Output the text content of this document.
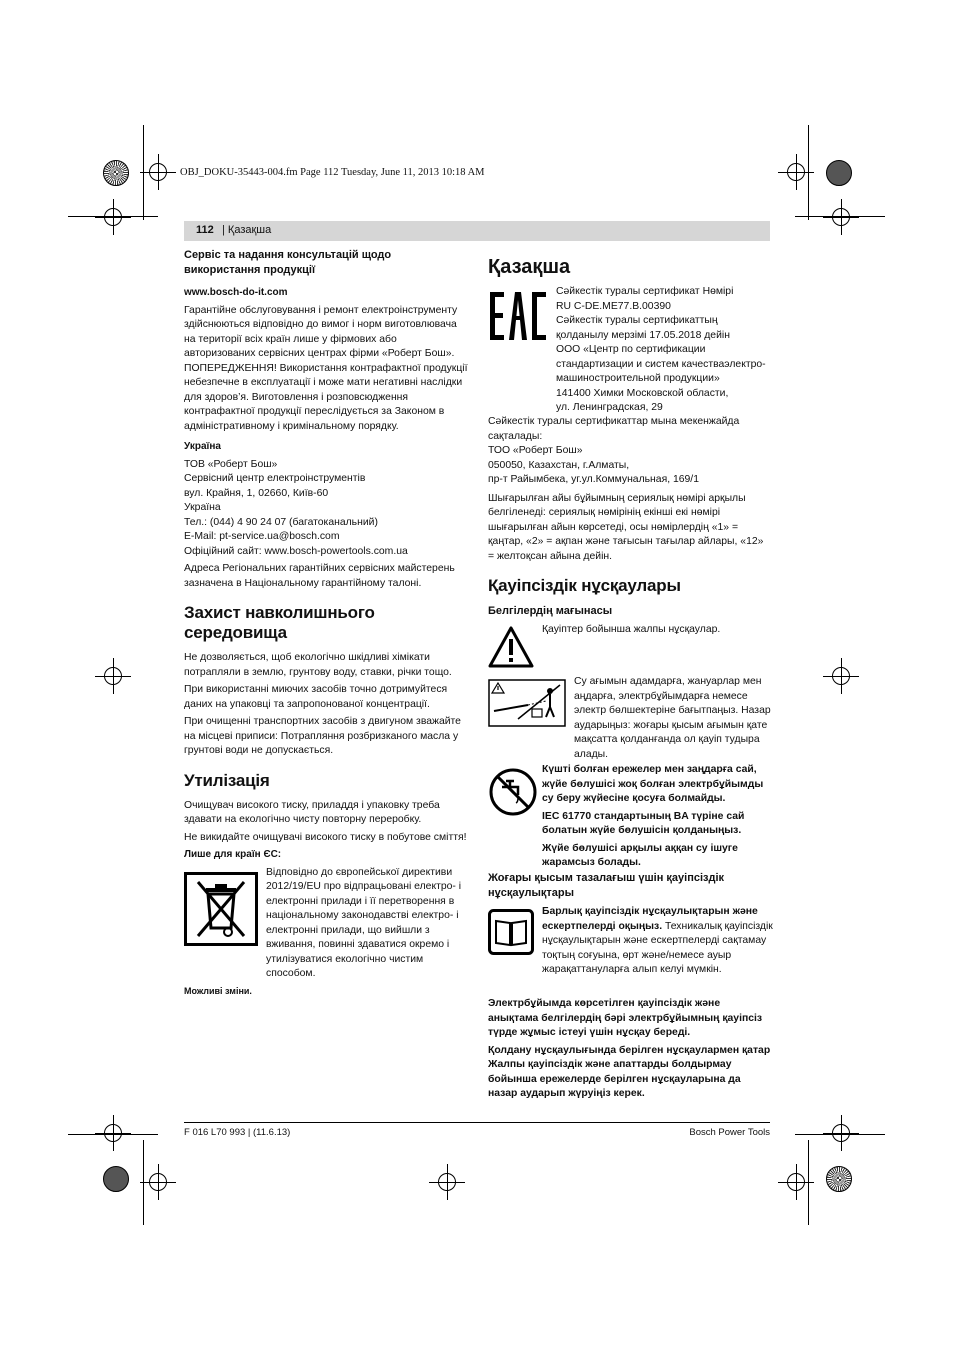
OBJ_DOKU-35443-004.fm Page 112 Tuesday, June 11, 2013 10:18 AM
112 | Қазақша

Сервіс та надання консультацій щодо використання продукції

www.bosch-do-it.com

Гарантійне обслуговування і ремонт електроінструменту здійснюються відповідно до вимог і норм виготовлювача на території всіх країн лише у фірмових або авторизованих сервісних центрах фірми «Роберт Бош». ПОПЕРЕДЖЕННЯ! Використання контрафактної продукції небезпечне в експлуатації і може мати негативні наслідки для здоров’я. Виготовлення і розповсюдження контрафактної продукції переслідується за Законом в адміністративному і кримінальному порядку.

Україна

ТОВ «Роберт Бош»
Сервісний центр електроінструментів
вул. Крайня, 1, 02660, Київ-60
Україна
Тел.: (044) 4 90 24 07 (багатоканальний)
E-Mail: pt-service.ua@bosch.com
Офіційний сайт: www.bosch-powertools.com.ua

Адреса Регіональних гарантійних сервісних майстерень зазначена в Національному гарантійному талоні.

Захист навколишнього середовища

Не дозволяється, щоб екологічно шкідливі хімікати потрапляли в землю, грунтову воду, ставки, річки тощо.

При використанні миючих засобів точно дотримуйтеся даних на упаковці та запропонованої концентрації.

При очищенні транспортних засобів з двигуном зважайте на місцеві приписи: Потрапляння розбризканого масла у грунтові води не допускається.

Утилізація

Очищувач високого тиску, приладдя і упаковку треба здавати на екологічно чисту повторну переробку.

Не викидайте очищувачі високого тиску в побутове сміття!

Лише для країн ЄС:

Відповідно до європейської директиви 2012/19/EU про відпрацьовані електро- і електронні прилади і її перетворення в національному законодавстві електро- і електронні прилади, що вийшли з вживання, повинні здаватися окремо і утилізуватися екологічно чистим способом.

Можливі зміни.

Қазақша

Сәйкестік туралы сертификат Нөмірі
RU C-DE.ME77.B.00390
Сәйкестік туралы сертификаттың
қолданылу мерзімі 17.05.2018 дейін
ООО «Центр по сертификации
стандартизации и систем качестваэлектро-
машиностроительной продукции»
141400 Химки Московской области,
ул. Ленинградская, 29
Сәйкестік туралы сертификаттар мына мекенжайда
сақталады:
ТОО «Роберт Бош»
050050, Казахстан, г.Алматы,
пр-т Райымбека, уг.ул.Коммунальная, 169/1

Шығарылған айы бұйымның сериялық нөмірі арқылы белгіленеді: сериялық нөмірінің екінші екі нөмірі шығарылған айын көрсетеді, осы нөмірлердің «1» = қаңтар, «2» = ақпан және тағысын тағылар айлары, «12» = желтоқсан айына дейін.

Қауіпсіздік нұсқаулары

Белгілердің мағынасы

Қауіптер бойынша жалпы нұсқаулар.

Су ағымын адамдарға, жануарлар мен аңдарға, электрбұйымдарға немесе электр бөлшектеріне бағытпаңыз. Назар аударыңыз: жоғары қысым ағымын қате мақсатта қолданғанда ол қауіп тудыра алады.

Күшті болған ережелер мен заңдарға сай, жүйе бөлушісі жоқ болған электрбұйымды су беру жүйесіне қосуға болмайды.

IEC 61770 стандартының BA түріне сай болатын жүйе бөлушісін қолданыңыз.

Жүйе бөлушісі арқылы аққан су ішуге жарамсыз болады.

Жоғары қысым тазалағыш үшін қауіпсіздік нұсқаулықтары

Барлық қауіпсіздік нұсқаулықтарын және ескертпелерді оқыңыз. Техникалық қауіпсіздік нұсқаулықтарын және ескертпелерді сақтамау тоқтың соғуына, өрт және/немесе ауыр жарақаттануларға алып келуі мүмкін.

Электрбұйымда көрсетілген қауіпсіздік және анықтама белгілердің бәрі электрбұйымның қауіпсіз түрде жұмыс істеуі үшін нұсқау береді.

Қолдану нұсқаулығында берілген нұсқаулармен қатар Жалпы қауіпсіздік және апаттарды болдырмау бойынша ережелерде берілген нұсқауларына да назар аударып жүруіңіз керек.

F 016 L70 993 | (11.6.13)	Bosch Power Tools
